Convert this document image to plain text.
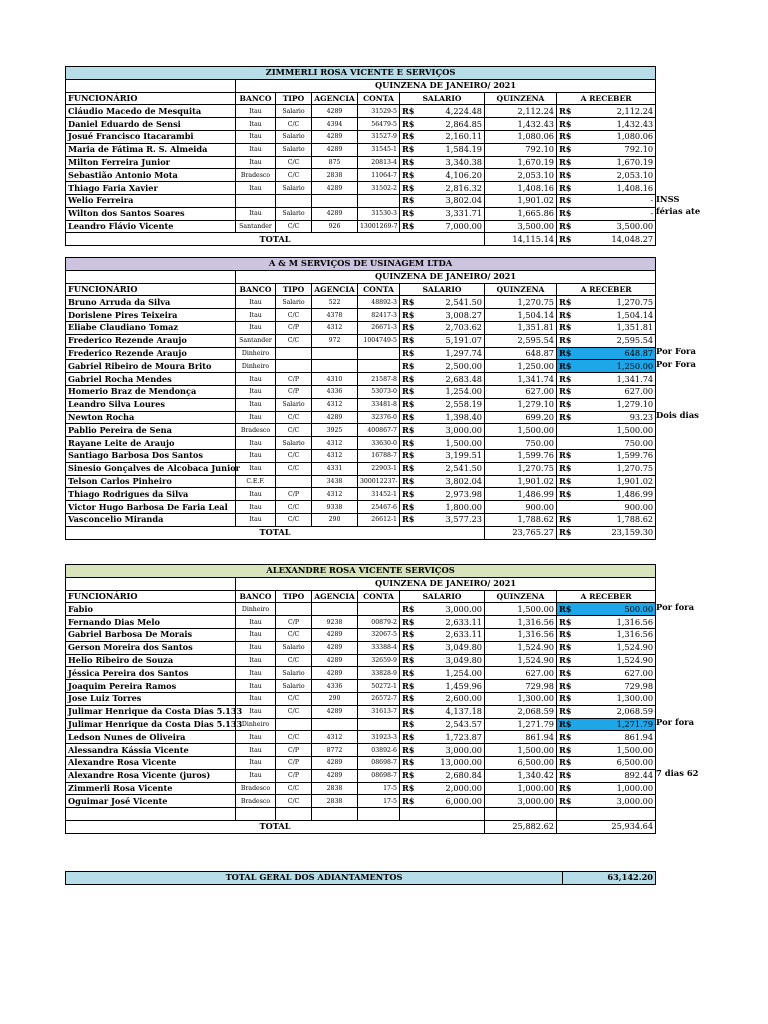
ZIMMERLI ROSA VICENTE E SERVIÇOS									
	QUINZENA DE JANEIRO/ 2021								
FUNCIONÁRIO	BANCO	TIPO	AGENCIA	CONTA	SALARIO		QUINZENA	A RECEBER	
Cláudio Macedo de Mesquita	Itau	Salario	4289	31529-5	R$	4,224.48	2,112.24	R$	2,112.24
Daniel Eduardo de Sensi	Itau	C/C	4394	56479-5	R$	2,864.85	1,432.43	R$	1,432.43
Josué Francisco Itacarambi	Itau	Salario	4289	31527-9	R$	2,160.11	1,080.06	R$	1,080.06
Maria de Fátima R. S. Almeida	Itau	Salario	4289	31545-1	R$	1,584.19	792.10	R$	792.10
Milton Ferreira Junior	Itau	C/C	875	20813-4	R$	3,340.38	1,670.19	R$	1,670.19
Sebastião Antonio Mota	Bradesco	C/C	2838	11064-7	R$	4,106.20	2,053.10	R$	2,053.10
Thiago Faria Xavier	Itau	Salario	4289	31502-2	R$	2,816.32	1,408.16	R$	1,408.16
Welio Ferreira					R$	3,802.04	1,901.02	R$	-
Wilton dos Santos Soares	Itau	Salario	4289	31530-3	R$	3,331.71	1,665.86	R$	-
Leandro Flávio Vicente	Santander	C/C	926	13001269-7	R$	7,000.00	3,500.00	R$	3,500.00
TOTAL							14,115.14	R$	14,048.27
A & M SERVIÇOS DE USINAGEM LTDA									
	QUINZENA DE JANEIRO/ 2021								
FUNCIONÁRIO	BANCO	TIPO	AGENCIA	CONTA	SALARIO		QUINZENA	A RECEBER	
Bruno Arruda da Silva	Itau	Salario	522	48892-3	R$	2,541.50	1,270.75	R$	1,270.75
Dorislene Pires Teixeira	Itau	C/C	4378	82417-3	R$	3,008.27	1,504.14	R$	1,504.14
Eliabe Claudiano Tomaz	Itau	C/P	4312	26671-3	R$	2,703.62	1,351.81	R$	1,351.81
Frederico Rezende Araujo	Santander	C/C	972	1004749-5	R$	5,191.07	2,595.54	R$	2,595.54
Frederico Rezende Araujo	Dinheiro				R$	1,297.74	648.87	R$	648.87
Gabriel Ribeiro de Moura Brito	Dinheiro				R$	2,500.00	1,250.00	R$	1,250.00
Gabriel Rocha Mendes	Itau	C/P	4310	21587-8	R$	2,683.48	1,341.74	R$	1,341.74
Homerio Braz de Mendonça	Itau	C/P	4336	53073-0	R$	1,254.00	627.00	R$	627.00
Leandro Silva Loures	Itau	Salario	4312	33481-8	R$	2,558.19	1,279.10	R$	1,279.10
Newton Rocha	Itau	C/C	4289	32376-0	R$	1,398.40	699.20	R$	93.23
Pablio Pereira de Sena	Bradesco	C/C	3925	400867-7	R$	3,000.00	1,500.00		1,500.00
Rayane Leite de Araujo	Itau	Salario	4312	33630-0	R$	1,500.00	750.00		750.00
Santiago Barbosa Dos Santos	Itau	C/C	4312	16788-7	R$	3,199.51	1,599.76	R$	1,599.76
Sinesio Gonçalves de Alcobaca Junior	Itau	C/C	4331	22903-1	R$	2,541.50	1,270.75	R$	1,270.75
Telson Carlos Pinheiro	C.E.F.		3438	300012237-	R$	3,802.04	1,901.02	R$	1,901.02
Thiago Rodrigues da Silva	Itau	C/P	4312	31452-1	R$	2,973.98	1,486.99	R$	1,486.99
Victor Hugo Barbosa De Faria Leal	Itau	C/C	9338	25467-6	R$	1,800.00	900.00		900.00
Vasconcelio Miranda	Itau	C/C	290	26612-1	R$	3,577.23	1,788.62	R$	1,788.62
TOTAL							23,765.27	R$	23,159.30
ALEXANDRE ROSA VICENTE SERVIÇOS									
	QUINZENA DE JANEIRO/ 2021								
FUNCIONÁRIO	BANCO	TIPO	AGENCIA	CONTA	SALARIO		QUINZENA	A RECEBER	
Fabio	Dinheiro				R$	3,000.00	1,500.00	R$	500.00
Fernando Dias Melo	Itau	C/P	9238	00879-2	R$	2,633.11	1,316.56	R$	1,316.56
Gabriel Barbosa De Morais	Itau	C/C	4289	32067-5	R$	2,633.11	1,316.56	R$	1,316.56
Gerson Moreira dos Santos	Itau	Salario	4289	33388-4	R$	3,049.80	1,524.90	R$	1,524.90
Helio Ribeiro de Souza	Itau	C/C	4289	32659-9	R$	3,049.80	1,524.90	R$	1,524.90
Jéssica Pereira dos Santos	Itau	Salario	4289	33828-9	R$	1,254.00	627.00	R$	627.00
Joaquim Pereira Ramos	Itau	Salario	4336	50272-1	R$	1,459.96	729.98	R$	729.98
Jose Luiz Torres	Itau	C/C	290	26572-7	R$	2,600.00	1,300.00	R$	1,300.00
Julimar Henrique da Costa Dias 5.133	Itau	C/C	4289	31613-7	R$	4,137.18	2,068.59	R$	2,068.59
Julimar Henrique da Costa Dias 5.133	Dinheiro				R$	2,543.57	1,271.79	R$	1,271.79
Ledson Nunes de Oliveira	Itau	C/C	4312	31923-3	R$	1,723.87	861.94	R$	861.94
Alessandra Kássia Vicente	Itau	C/P	8772	03892-6	R$	3,000.00	1,500.00	R$	1,500.00
Alexandre Rosa Vicente	Itau	C/P	4289	08698-7	R$	13,000.00	6,500.00	R$	6,500.00
Alexandre Rosa Vicente (juros)	Itau	C/P	4289	08698-7	R$	2,680.84	1,340.42	R$	892.44
Zimmerli Rosa Vicente	Bradesco	C/C	2838	17-5	R$	2,000.00	1,000.00	R$	1,000.00
Oguimar José Vicente	Bradesco	C/C	2838	17-5	R$	6,000.00	3,000.00	R$	3,000.00

TOTAL							25,882.62		25,934.64
TOTAL GERAL DOS ADIANTAMENTOS	63,142.20
INSS
férias ate
Por Fora
Por Fora
Dois dias
Por fora
Por fora
7 dias 62
